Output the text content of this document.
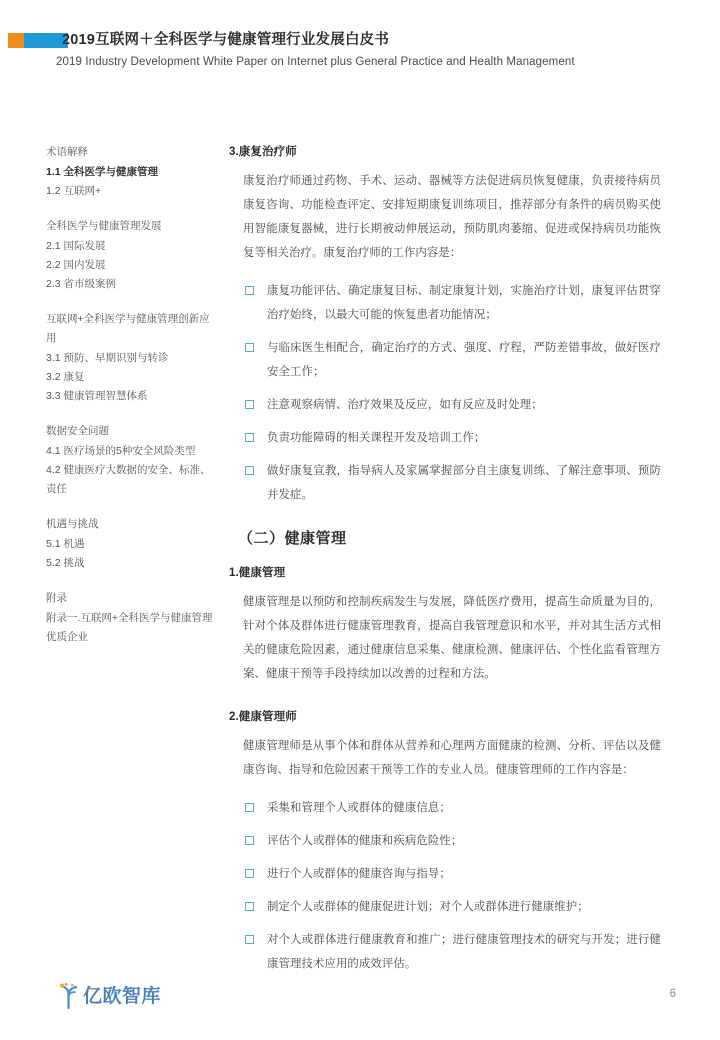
2019互联网＋全科医学与健康管理行业发展白皮书
2019 Industry Development White Paper on Internet plus General Practice and Health Management
术语解释
1.1 全科医学与健康管理
1.2 互联网+
全科医学与健康管理发展
2.1 国际发展
2.2 国内发展
2.3 省市级案例
互联网+全科医学与健康管理创新应用
3.1 预防、早期识别与转诊
3.2 康复
3.3 健康管理智慧体系
数据安全问题
4.1 医疗场景的5种安全风险类型
4.2 健康医疗大数据的安全、标准、责任
机遇与挑战
5.1 机遇
5.2 挑战
附录
附录一.互联网+全科医学与健康管理优质企业
3.康复治疗师

康复治疗师通过药物、手术、运动、器械等方法促进病员恢复健康，负责接待病员康复咨询、功能检查评定、安排短期康复训练项目，推荐部分有条件的病员购买使用智能康复器械，进行长期被动伸展运动，预防肌肉萎缩、促进或保持病员功能恢复等相关治疗。康复治疗师的工作内容是：

康复功能评估、确定康复目标、制定康复计划，实施治疗计划，康复评估贯穿治疗始终，以最大可能的恢复患者功能情况；
与临床医生相配合，确定治疗的方式、强度、疗程，严防差错事故，做好医疗安全工作；
注意观察病情、治疗效果及反应，如有反应及时处理；
负责功能障碍的相关课程开发及培训工作；
做好康复宣教，指导病人及家属掌握部分自主康复训练、了解注意事项、预防并发症。
（二）健康管理
1.健康管理

健康管理是以预防和控制疾病发生与发展，降低医疗费用，提高生命质量为目的，针对个体及群体进行健康管理教育，提高自我管理意识和水平，并对其生活方式相关的健康危险因素，通过健康信息采集、健康检测、健康评估、个性化监看管理方案、健康干预等手段持续加以改善的过程和方法。

2.健康管理师

健康管理师是从事个体和群体从营养和心理两方面健康的检测、分析、评估以及健康咨询、指导和危险因素干预等工作的专业人员。健康管理师的工作内容是：

采集和管理个人或群体的健康信息；
评估个人或群体的健康和疾病危险性；
进行个人或群体的健康咨询与指导；
制定个人或群体的健康促进计划；对个人或群体进行健康维护；
对个人或群体进行健康教育和推广；进行健康管理技术的研究与开发；进行健康管理技术应用的成效评估。
亿欧智库	6
